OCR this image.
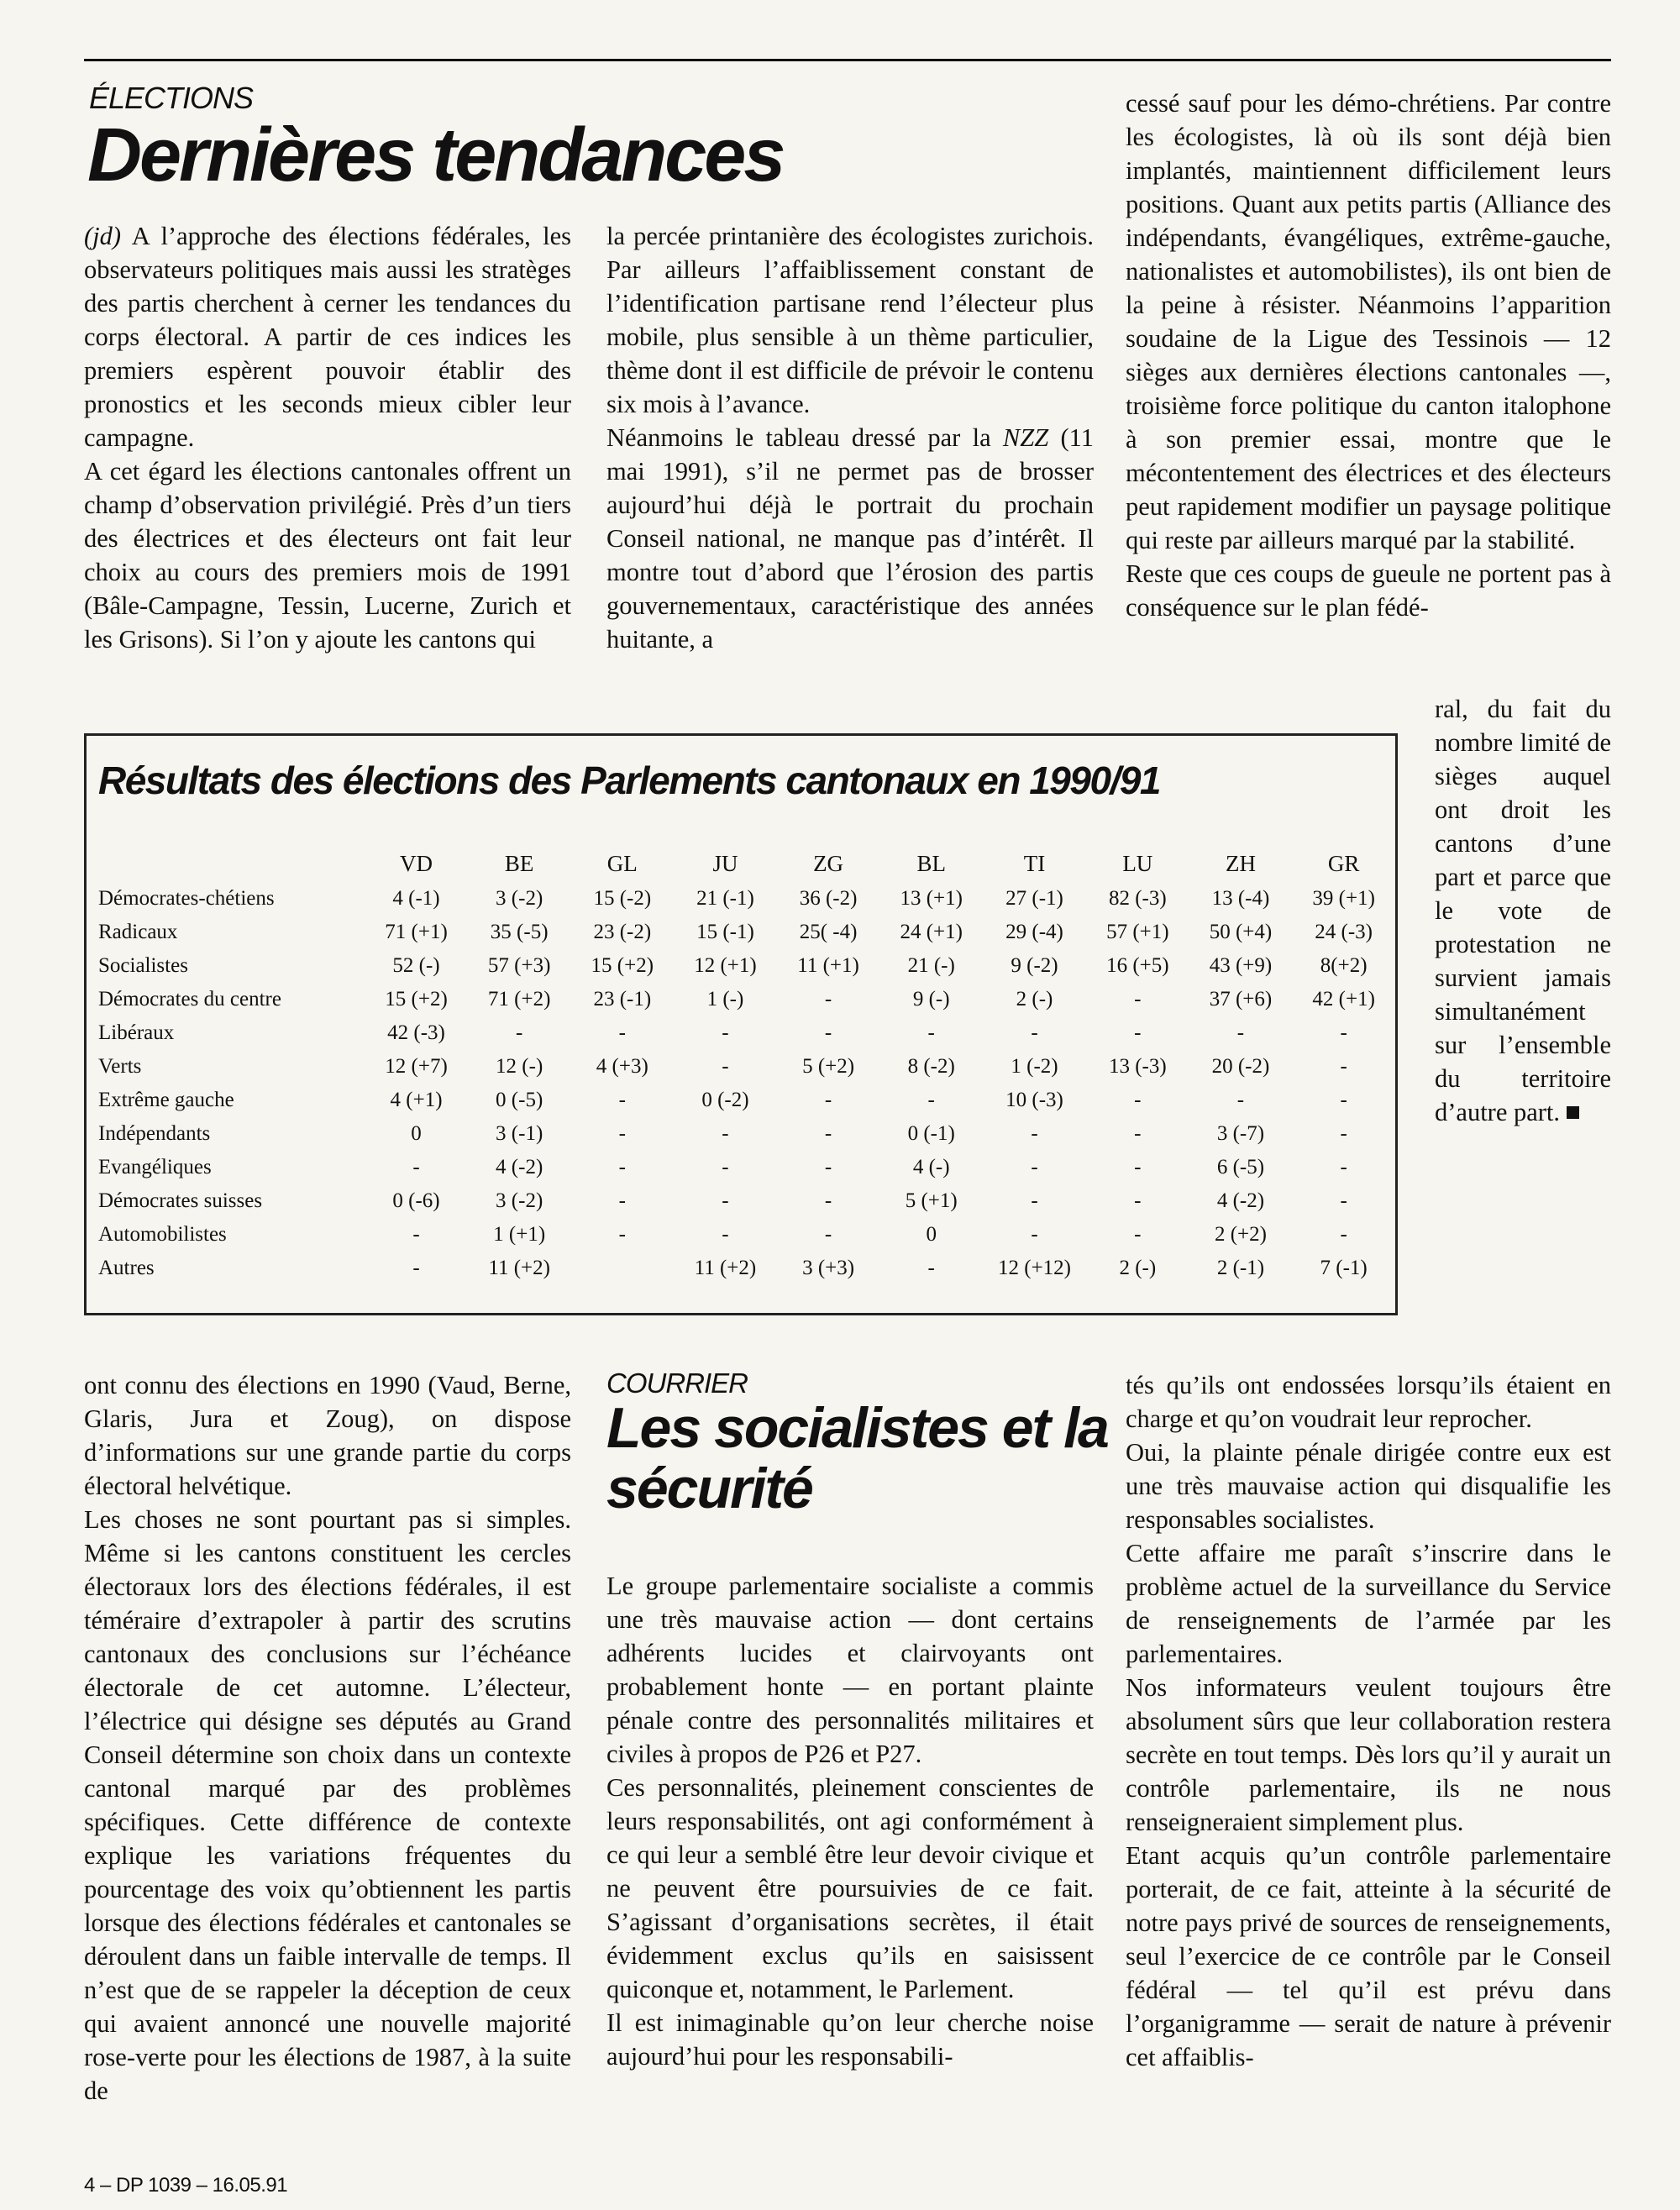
ÉLECTIONS
Dernières tendances

(jd) A l’approche des élections fédérales, les observateurs politiques mais aussi les stratèges des partis cherchent à cerner les tendances du corps électoral. A partir de ces indices les premiers espèrent pouvoir établir des pronostics et les seconds mieux cibler leur campagne.

A cet égard les élections cantonales offrent un champ d’observation privilégié. Près d’un tiers des électrices et des électeurs ont fait leur choix au cours des premiers mois de 1991 (Bâle-Campagne, Tessin, Lucerne, Zurich et les Grisons). Si l’on y ajoute les cantons qui

la percée printanière des écologistes zurichois. Par ailleurs l’affaiblissement constant de l’identification partisane rend l’électeur plus mobile, plus sensible à un thème particulier, thème dont il est difficile de prévoir le contenu six mois à l’avance.

Néanmoins le tableau dressé par la NZZ (11 mai 1991), s’il ne permet pas de brosser aujourd’hui déjà le portrait du prochain Conseil national, ne manque pas d’intérêt. Il montre tout d’abord que l’érosion des partis gouvernementaux, caractéristique des années huitante, a

cessé sauf pour les démo-chrétiens. Par contre les écologistes, là où ils sont déjà bien implantés, maintiennent difficilement leurs positions. Quant aux petits partis (Alliance des indépendants, évangéliques, extrême-gauche, nationalistes et automobilistes), ils ont bien de la peine à résister. Néanmoins l’apparition soudaine de la Ligue des Tessinois — 12 sièges aux dernières élections cantonales —, troisième force politique du canton italophone à son premier essai, montre que le mécontentement des électrices et des électeurs peut rapidement modifier un paysage politique qui reste par ailleurs marqué par la stabilité.

Reste que ces coups de gueule ne portent pas à conséquence sur le plan fédé-

ral, du fait du nombre limité de sièges auquel ont droit les cantons d’une part et parce que le vote de protestation ne survient jamais simultanément sur l’ensemble du territoire d’autre part.
Résultats des élections des Parlements cantonaux en 1990/91
	VD	BE	GL	JU	ZG	BL	TI	LU	ZH	GR
Démocrates-chétiens	4 (-1)	3 (-2)	15 (-2)	21 (-1)	36 (-2)	13 (+1)	27 (-1)	82 (-3)	13 (-4)	39 (+1)
Radicaux	71 (+1)	35 (-5)	23 (-2)	15 (-1)	25( -4)	24 (+1)	29 (-4)	57 (+1)	50 (+4)	24 (-3)
Socialistes	52 (-)	57 (+3)	15 (+2)	12 (+1)	11 (+1)	21 (-)	9 (-2)	16 (+5)	43 (+9)	8(+2)
Démocrates du centre	15 (+2)	71 (+2)	23 (-1)	1 (-)	-	9 (-)	2 (-)	-	37 (+6)	42 (+1)
Libéraux	42 (-3)	-	-	-	-	-	-	-	-	-
Verts	12 (+7)	12 (-)	4 (+3)	-	5 (+2)	8 (-2)	1 (-2)	13 (-3)	20 (-2)	-
Extrême gauche	4 (+1)	0 (-5)	-	0 (-2)	-	-	10 (-3)	-	-	-
Indépendants	0	3 (-1)	-	-	-	0 (-1)	-	-	3 (-7)	-
Evangéliques	-	4 (-2)	-	-	-	4 (-)	-	-	6 (-5)	-
Démocrates suisses	0 (-6)	3 (-2)	-	-	-	5 (+1)	-	-	4 (-2)	-
Automobilistes	-	1 (+1)	-	-	-	0	-	-	2 (+2)	-
Autres	-	11 (+2)		11 (+2)	3 (+3)	-	12 (+12)	2 (-)	2 (-1)	7 (-1)

ont connu des élections en 1990 (Vaud, Berne, Glaris, Jura et Zoug), on dispose d’informations sur une grande partie du corps électoral helvétique.

Les choses ne sont pourtant pas si simples. Même si les cantons constituent les cercles électoraux lors des élections fédérales, il est téméraire d’extrapoler à partir des scrutins cantonaux des conclusions sur l’échéance électorale de cet automne. L’électeur, l’électrice qui désigne ses députés au Grand Conseil détermine son choix dans un contexte cantonal marqué par des problèmes spécifiques. Cette différence de contexte explique les variations fréquentes du pourcentage des voix qu’obtiennent les partis lorsque des élections fédérales et cantonales se déroulent dans un faible intervalle de temps. Il n’est que de se rappeler la déception de ceux qui avaient annoncé une nouvelle majorité rose-verte pour les élections de 1987, à la suite de

COURRIER
Les socialistes et la sécurité

Le groupe parlementaire socialiste a commis une très mauvaise action — dont certains adhérents lucides et clairvoyants ont probablement honte — en portant plainte pénale contre des personnalités militaires et civiles à propos de P26 et P27.

Ces personnalités, pleinement conscientes de leurs responsabilités, ont agi conformément à ce qui leur a semblé être leur devoir civique et ne peuvent être poursuivies de ce fait. S’agissant d’organisations secrètes, il était évidemment exclus qu’ils en saisissent quiconque et, notamment, le Parlement.

Il est inimaginable qu’on leur cherche noise aujourd’hui pour les responsabili-

tés qu’ils ont endossées lorsqu’ils étaient en charge et qu’on voudrait leur reprocher.

Oui, la plainte pénale dirigée contre eux est une très mauvaise action qui disqualifie les responsables socialistes.

Cette affaire me paraît s’inscrire dans le problème actuel de la surveillance du Service de renseignements de l’armée par les parlementaires.

Nos informateurs veulent toujours être absolument sûrs que leur collaboration restera secrète en tout temps. Dès lors qu’il y aurait un contrôle parlementaire, ils ne nous renseigneraient simplement plus.

Etant acquis qu’un contrôle parlementaire porterait, de ce fait, atteinte à la sécurité de notre pays privé de sources de renseignements, seul l’exercice de ce contrôle par le Conseil fédéral — tel qu’il est prévu dans l’organigramme — serait de nature à prévenir cet affaiblis-

4 – DP 1039 – 16.05.91
